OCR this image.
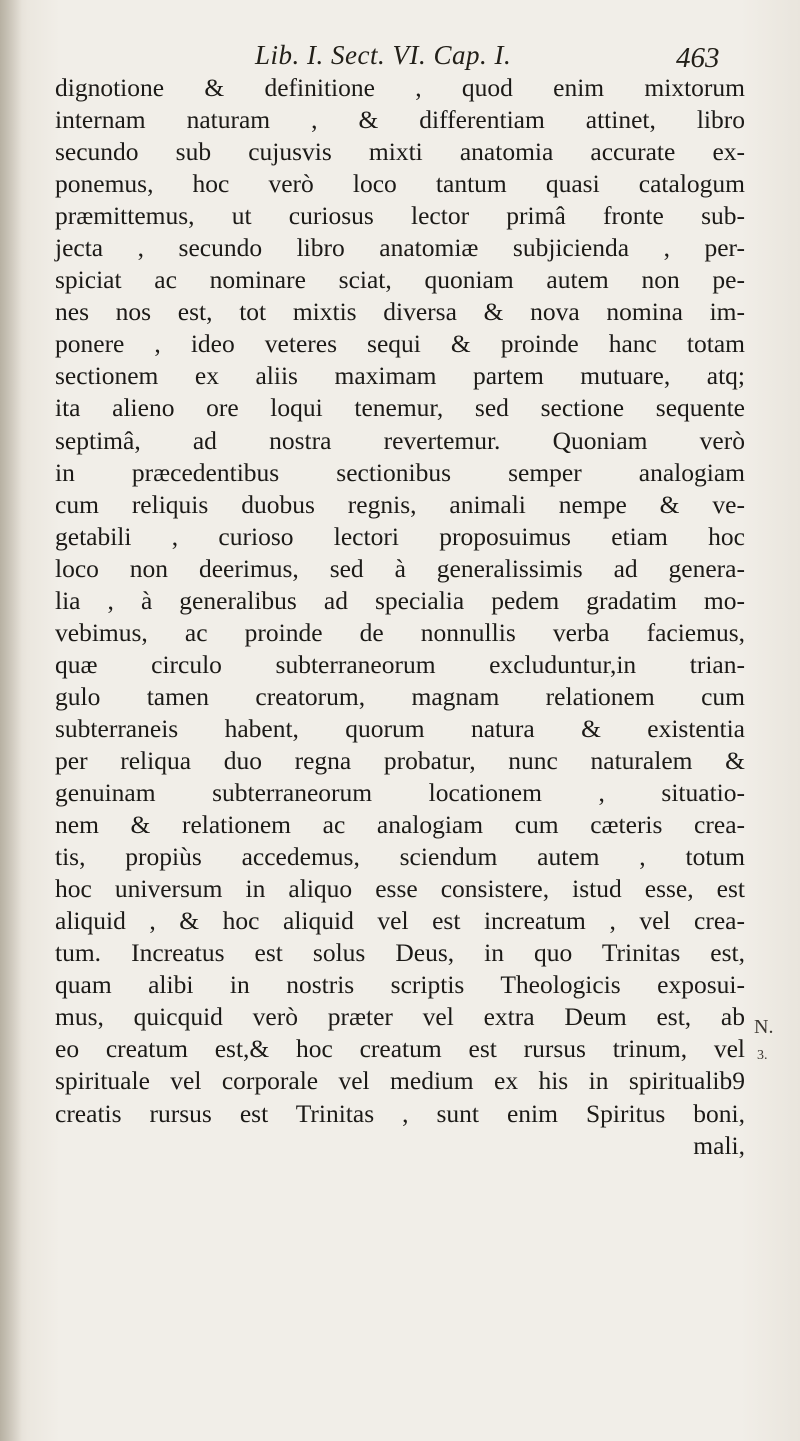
Lib. I. Sect. VI. Cap. I.	463
dignotione & definitione , quod enim mixtorum
internam naturam , & differentiam attinet, libro
secundo sub cujusvis mixti anatomia accurate ex-
ponemus, hoc verò loco tantum quasi catalogum
præmittemus, ut curiosus lector primâ fronte sub-
jecta , secundo libro anatomiæ subjicienda , per-
spiciat ac nominare sciat, quoniam autem non pe-
nes nos est, tot mixtis diversa & nova nomina im-
ponere , ideo veteres sequi & proinde hanc totam
sectionem ex aliis maximam partem mutuare, atq;
ita alieno ore loqui tenemur, sed sectione sequente
septimâ, ad nostra revertemur. Quoniam verò
in præcedentibus sectionibus semper analogiam
cum reliquis duobus regnis, animali nempe & ve-
getabili , curioso lectori proposuimus etiam hoc
loco non deerimus, sed à generalissimis ad genera-
lia , à generalibus ad specialia pedem gradatim mo-
vebimus, ac proinde de nonnullis verba faciemus,
quæ circulo subterraneorum excluduntur,in trian-
gulo tamen creatorum, magnam relationem cum
subterraneis habent, quorum natura & existentia
per reliqua duo regna probatur, nunc naturalem &
genuinam subterraneorum locationem , situatio-
nem & relationem ac analogiam cum cæteris crea-
tis, propiùs accedemus, sciendum autem , totum
hoc universum in aliquo esse consistere, istud esse, est
aliquid , & hoc aliquid vel est increatum , vel crea-
tum. Increatus est solus Deus, in quo Trinitas est,
quam alibi in nostris scriptis Theologicis exposui-
mus, quicquid verò præter vel extra Deum est, ab
eo creatum est,& hoc creatum est rursus trinum, vel
spirituale vel corporale vel medium ex his in spiritualib9
creatis rursus est Trinitas , sunt enim Spiritus boni,
mali,
N.
3.
